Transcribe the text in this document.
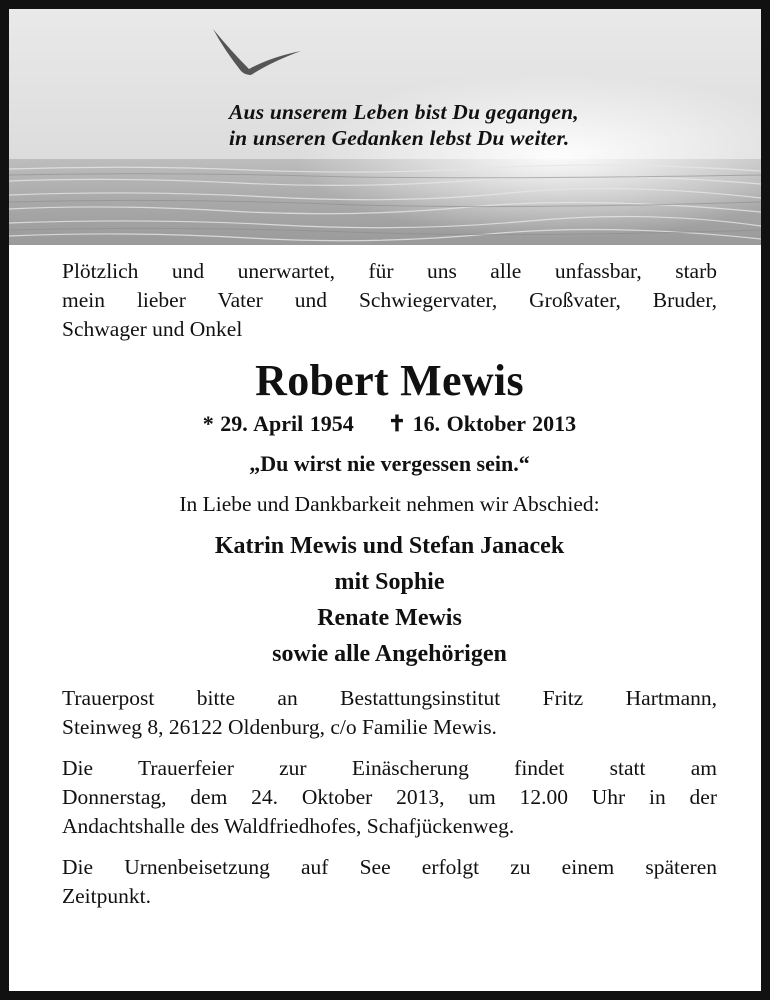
Aus unserem Leben bist Du gegangen,
in unseren Gedanken lebst Du weiter.

Plötzlich und unerwartet, für uns alle unfassbar, starb

mein lieber Vater und Schwiegervater, Großvater, Bruder,

Schwager und Onkel

Robert Mewis
* 29. April 1954 ✝ 16. Oktober 2013
„Du wirst nie vergessen sein.“
In Liebe und Dankbarkeit nehmen wir Abschied:
Katrin Mewis und Stefan Janacek
mit Sophie
Renate Mewis
sowie alle Angehörigen

Trauerpost bitte an Bestattungsinstitut Fritz Hartmann,

Steinweg 8, 26122 Oldenburg, c/o Familie Mewis.

Die Trauerfeier zur Einäscherung findet statt am

Donnerstag, dem 24. Oktober 2013, um 12.00 Uhr in der

Andachtshalle des Waldfriedhofes, Schafjückenweg.

Die Urnenbeisetzung auf See erfolgt zu einem späteren

Zeitpunkt.
